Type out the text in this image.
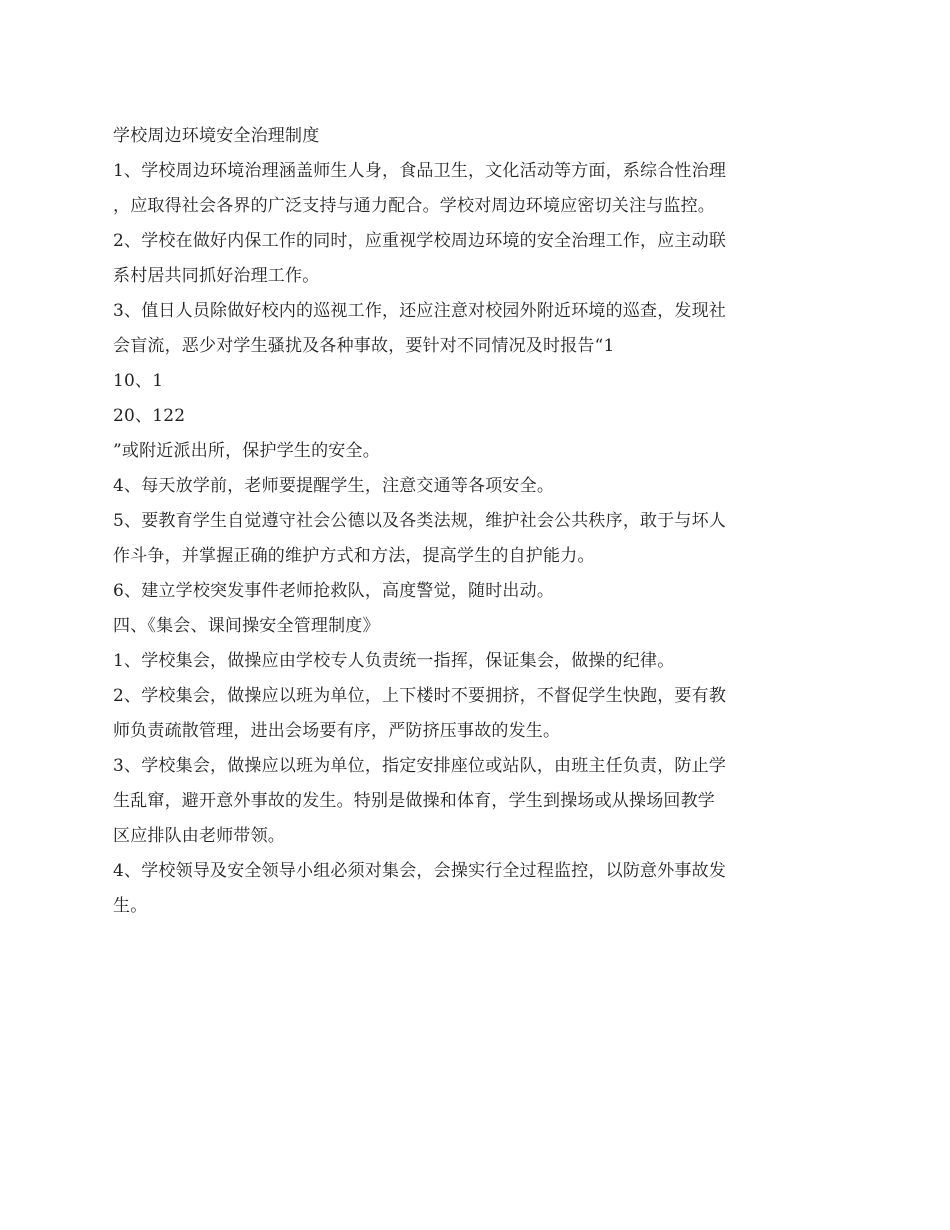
学校周边环境安全治理制度
1、学校周边环境治理涵盖师生人身，食品卫生，文化活动等方面，系综合性治理
，应取得社会各界的广泛支持与通力配合。学校对周边环境应密切关注与监控。
2、学校在做好内保工作的同时，应重视学校周边环境的安全治理工作，应主动联
系村居共同抓好治理工作。
3、值日人员除做好校内的巡视工作，还应注意对校园外附近环境的巡查，发现社
会盲流，恶少对学生骚扰及各种事故，要针对不同情况及时报告“1
10、1
20、122
”或附近派出所，保护学生的安全。
4、每天放学前，老师要提醒学生，注意交通等各项安全。
5、要教育学生自觉遵守社会公德以及各类法规，维护社会公共秩序，敢于与坏人
作斗争，并掌握正确的维护方式和方法，提高学生的自护能力。
6、建立学校突发事件老师抢救队，高度警觉，随时出动。
四、《集会、课间操安全管理制度》
1、学校集会，做操应由学校专人负责统一指挥，保证集会，做操的纪律。
2、学校集会，做操应以班为单位，上下楼时不要拥挤，不督促学生快跑，要有教
师负责疏散管理，进出会场要有序，严防挤压事故的发生。
3、学校集会，做操应以班为单位，指定安排座位或站队，由班主任负责，防止学
生乱窜，避开意外事故的发生。特别是做操和体育，学生到操场或从操场回教学
区应排队由老师带领。
4、学校领导及安全领导小组必须对集会，会操实行全过程监控，以防意外事故发
生。
